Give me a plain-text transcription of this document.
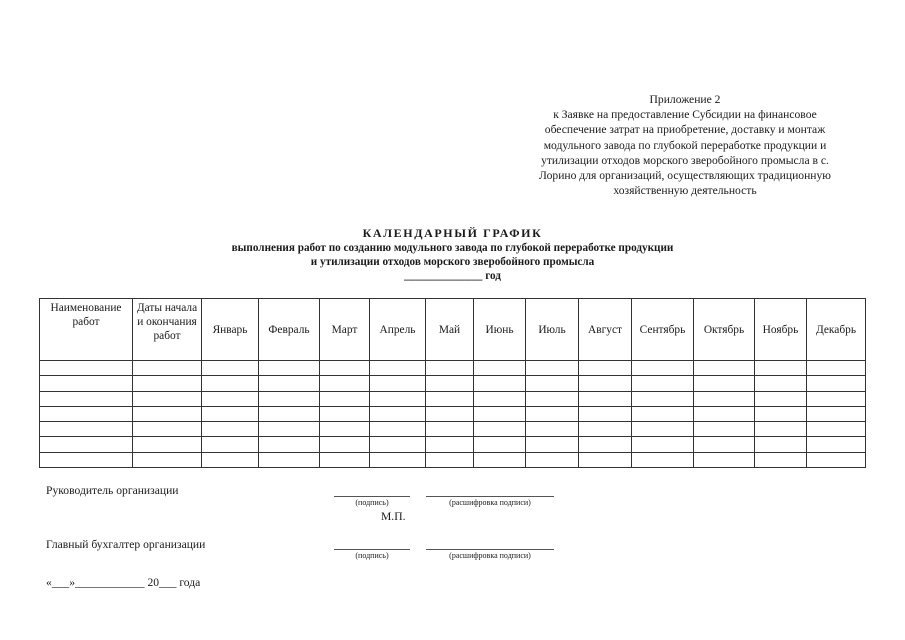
Приложение 2
к Заявке на предоставление Субсидии на финансовое
обеспечение затрат на приобретение, доставку и монтаж
модульного завода по глубокой переработке продукции и
утилизации отходов морского зверобойного промысла в с.
Лорино для организаций, осуществляющих традиционную
хозяйственную деятельность
КАЛЕНДАРНЫЙ ГРАФИК
выполнения работ по созданию модульного завода по глубокой переработке продукции
и утилизации отходов морского зверобойного промысла
______________ год
Наименование работ	Даты начала и окончания работ	Январь	Февраль	Март	Апрель	Май	Июнь	Июль	Август	Сентябрь	Октябрь	Ноябрь	Декабрь

Руководитель организации
(подпись)	(расшифровка подписи)
М.П.
Главный бухгалтер организации
(подпись)	(расшифровка подписи)
«___»____________ 20___ года
